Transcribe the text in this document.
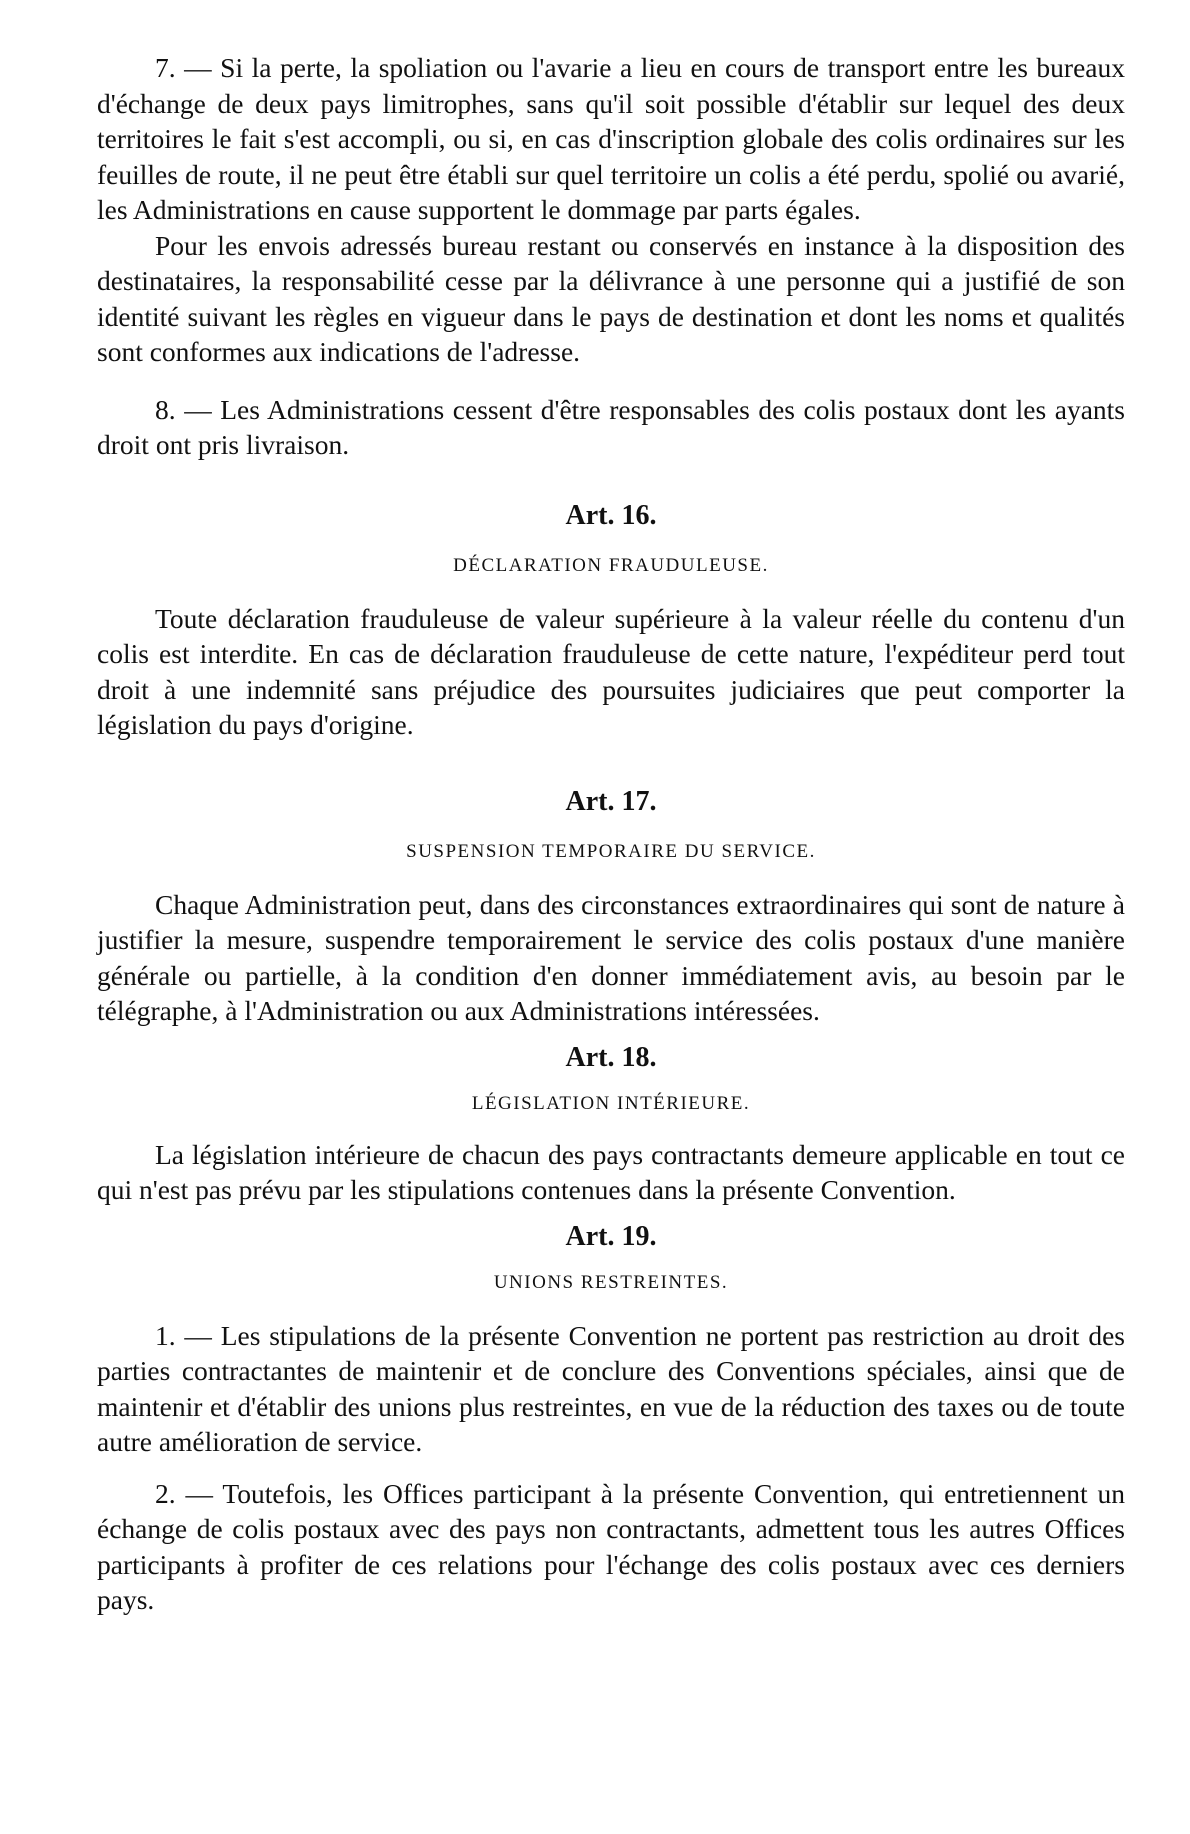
7. — Si la perte, la spoliation ou l'avarie a lieu en cours de transport entre les bureaux d'échange de deux pays limitrophes, sans qu'il soit possible d'établir sur lequel des deux territoires le fait s'est accompli, ou si, en cas d'inscription globale des colis ordinaires sur les feuilles de route, il ne peut être établi sur quel territoire un colis a été perdu, spolié ou avarié, les Administrations en cause supportent le dommage par parts égales.

Pour les envois adressés bureau restant ou conservés en instance à la disposition des destinataires, la responsabilité cesse par la délivrance à une personne qui a justifié de son identité suivant les règles en vigueur dans le pays de destination et dont les noms et qualités sont conformes aux indications de l'adresse.

8. — Les Administrations cessent d'être responsables des colis postaux dont les ayants droit ont pris livraison.

Art. 16.

DÉCLARATION FRAUDULEUSE.

Toute déclaration frauduleuse de valeur supérieure à la valeur réelle du contenu d'un colis est interdite. En cas de déclaration frauduleuse de cette nature, l'expéditeur perd tout droit à une indemnité sans préjudice des poursuites judiciaires que peut comporter la législation du pays d'origine.

Art. 17.

SUSPENSION TEMPORAIRE DU SERVICE.

Chaque Administration peut, dans des circonstances extraordinaires qui sont de nature à justifier la mesure, suspendre temporairement le service des colis postaux d'une manière générale ou partielle, à la condition d'en donner immédiatement avis, au besoin par le télégraphe, à l'Administration ou aux Administrations intéressées.

Art. 18.

LÉGISLATION INTÉRIEURE.

La législation intérieure de chacun des pays contractants demeure applicable en tout ce qui n'est pas prévu par les stipulations contenues dans la présente Convention.

Art. 19.

UNIONS RESTREINTES.

1. — Les stipulations de la présente Convention ne portent pas restriction au droit des parties contractantes de maintenir et de conclure des Conventions spéciales, ainsi que de maintenir et d'établir des unions plus restreintes, en vue de la réduction des taxes ou de toute autre amélioration de service.

2. — Toutefois, les Offices participant à la présente Convention, qui entretiennent un échange de colis postaux avec des pays non contractants, admettent tous les autres Offices participants à profiter de ces relations pour l'échange des colis postaux avec ces derniers pays.
